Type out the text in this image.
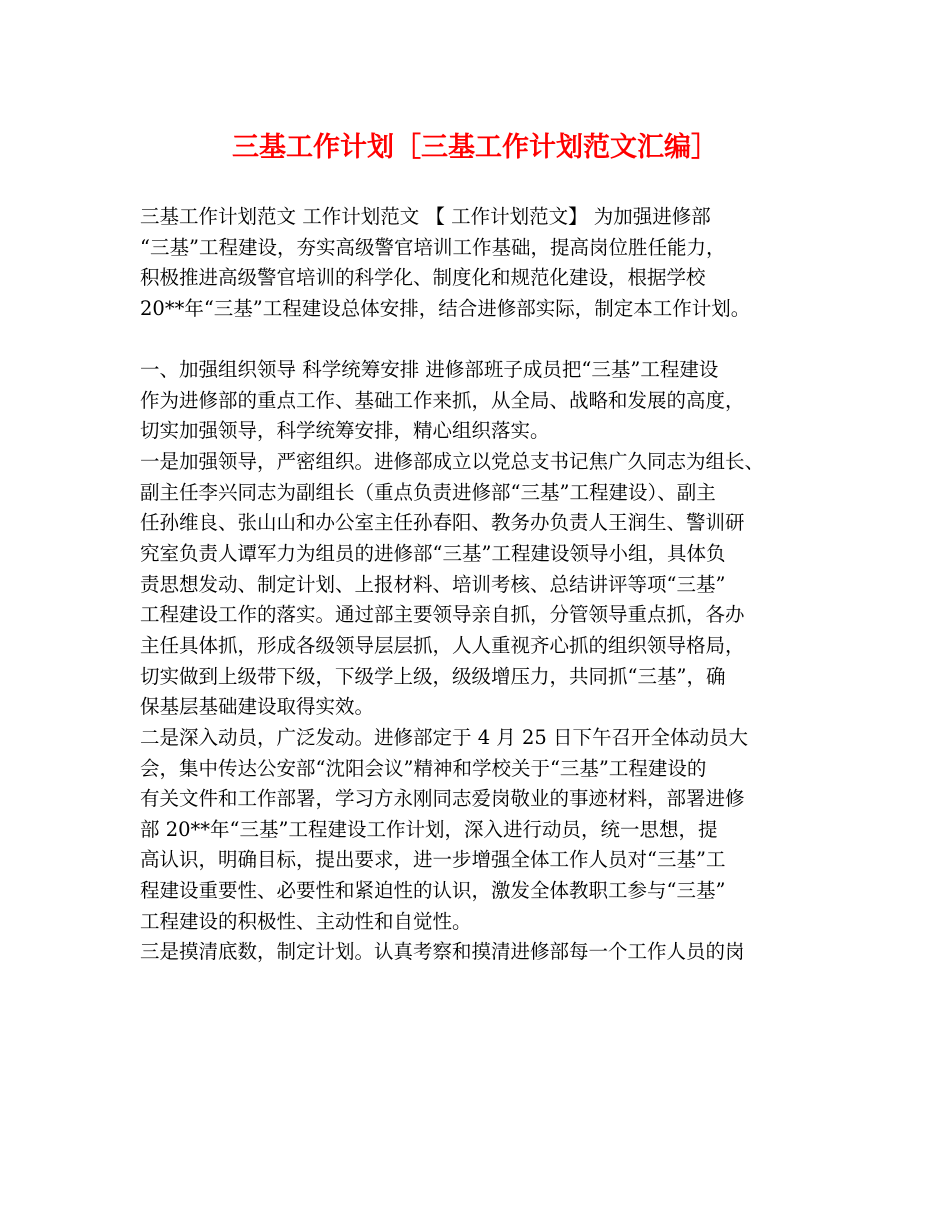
三基工作计划［三基工作计划范文汇编］

三基工作计划范文 工作计划范文 【 工作计划范文】 为加强进修部

“三基”工程建设，夯实高级警官培训工作基础，提高岗位胜任能力，

积极推进高级警官培训的科学化、制度化和规范化建设，根据学校

20**年“三基”工程建设总体安排，结合进修部实际，制定本工作计划。

一、加强组织领导 科学统筹安排 进修部班子成员把“三基”工程建设

作为进修部的重点工作、基础工作来抓，从全局、战略和发展的高度，

切实加强领导，科学统筹安排，精心组织落实。

一是加强领导，严密组织。进修部成立以党总支书记焦广久同志为组长、

副主任李兴同志为副组长（重点负责进修部“三基”工程建设）、副主

任孙维良、张山山和办公室主任孙春阳、教务办负责人王润生、警训研

究室负责人谭军力为组员的进修部“三基”工程建设领导小组，具体负

责思想发动、制定计划、上报材料、培训考核、总结讲评等项“三基”

工程建设工作的落实。通过部主要领导亲自抓，分管领导重点抓，各办

主任具体抓，形成各级领导层层抓，人人重视齐心抓的组织领导格局，

切实做到上级带下级，下级学上级，级级增压力，共同抓“三基”，确

保基层基础建设取得实效。

二是深入动员，广泛发动。进修部定于 4 月 25 日下午召开全体动员大

会，集中传达公安部“沈阳会议”精神和学校关于“三基”工程建设的

有关文件和工作部署，学习方永刚同志爱岗敬业的事迹材料，部署进修

部 20**年“三基”工程建设工作计划，深入进行动员，统一思想，提

高认识，明确目标，提出要求，进一步增强全体工作人员对“三基”工

程建设重要性、必要性和紧迫性的认识，激发全体教职工参与“三基”

工程建设的积极性、主动性和自觉性。

三是摸清底数，制定计划。认真考察和摸清进修部每一个工作人员的岗
